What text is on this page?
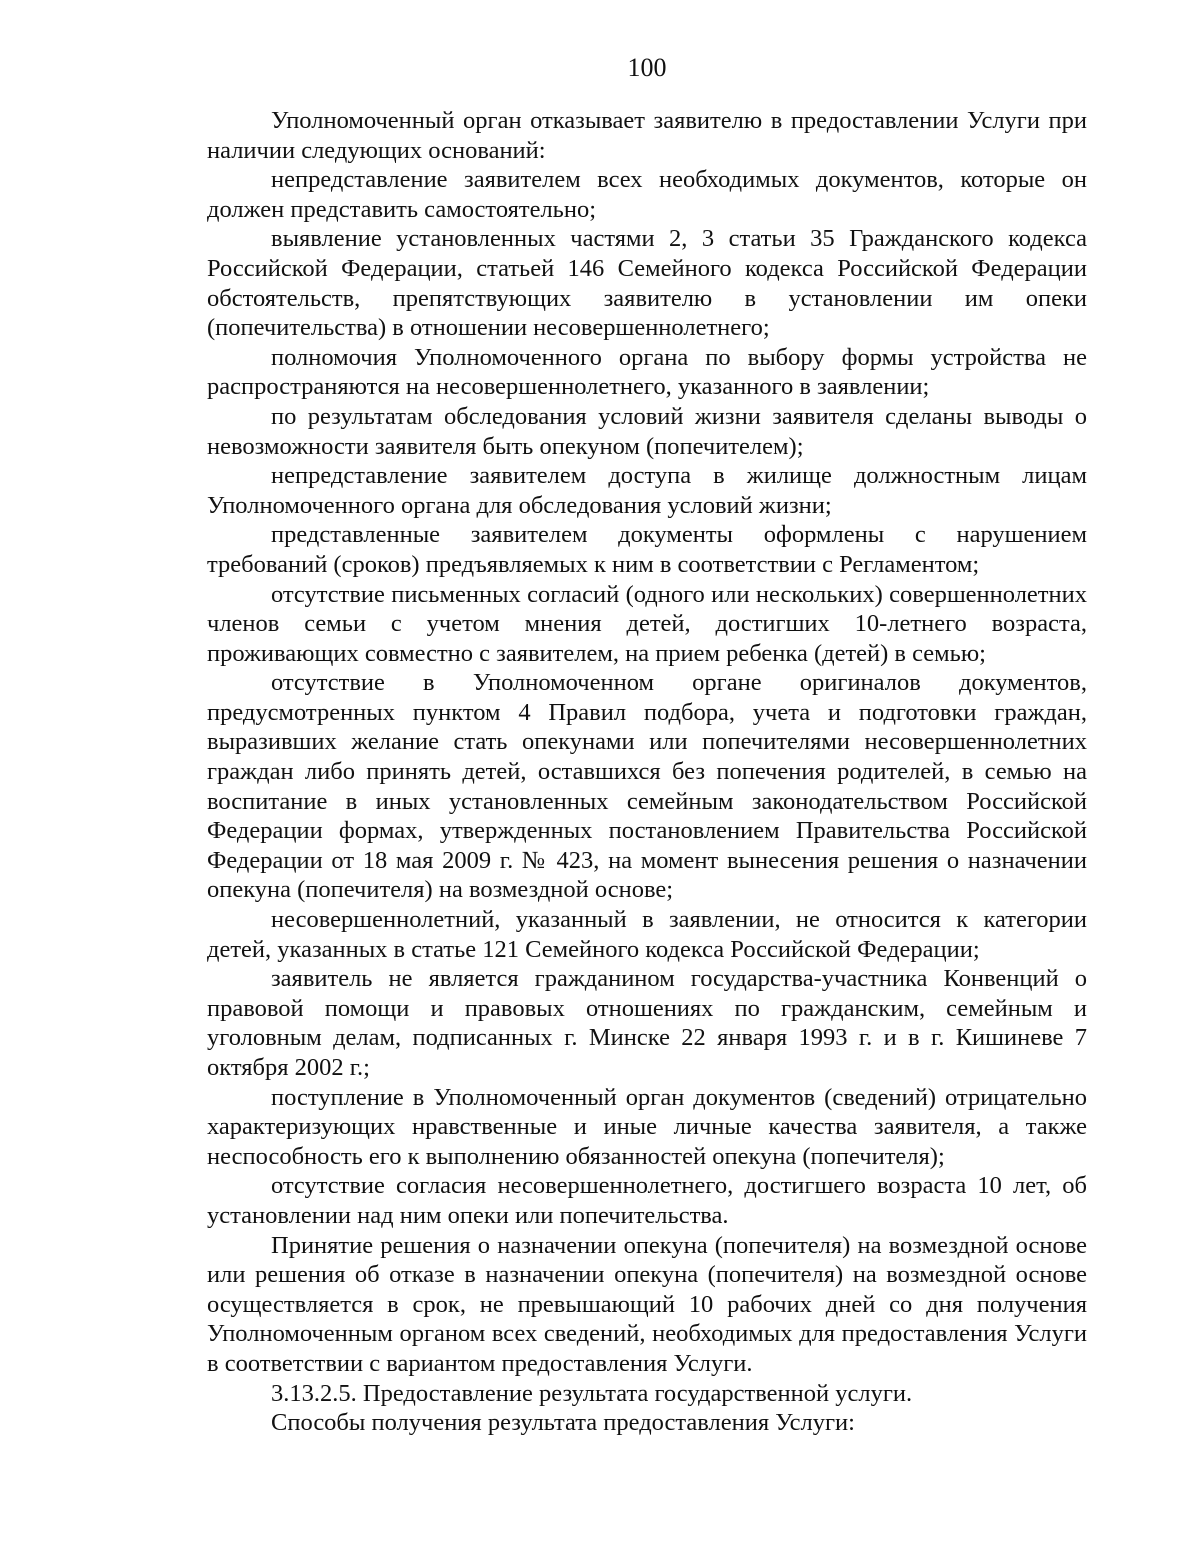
100

Уполномоченный орган отказывает заявителю в предоставлении Услуги при наличии следующих оснований:

непредставление заявителем всех необходимых документов, которые он должен представить самостоятельно;

выявление установленных частями 2, 3 статьи 35 Гражданского кодекса Российской Федерации, статьей 146 Семейного кодекса Российской Федерации обстоятельств, препятствующих заявителю в установлении им опеки (попечительства) в отношении несовершеннолетнего;

полномочия Уполномоченного органа по выбору формы устройства не распространяются на несовершеннолетнего, указанного в заявлении;

по результатам обследования условий жизни заявителя сделаны выводы о невозможности заявителя быть опекуном (попечителем);

непредставление заявителем доступа в жилище должностным лицам Уполномоченного органа для обследования условий жизни;

представленные заявителем документы оформлены с нарушением требований (сроков) предъявляемых к ним в соответствии с Регламентом;

отсутствие письменных согласий (одного или нескольких) совершеннолетних членов семьи с учетом мнения детей, достигших 10-летнего возраста, проживающих совместно с заявителем, на прием ребенка (детей) в семью;

отсутствие в Уполномоченном органе оригиналов документов, предусмотренных пунктом 4 Правил подбора, учета и подготовки граждан, выразивших желание стать опекунами или попечителями несовершеннолетних граждан либо принять детей, оставшихся без попечения родителей, в семью на воспитание в иных установленных семейным законодательством Российской Федерации формах, утвержденных постановлением Правительства Российской Федерации от 18 мая 2009 г. № 423, на момент вынесения решения о назначении опекуна (попечителя) на возмездной основе;

несовершеннолетний, указанный в заявлении, не относится к категории детей, указанных в статье 121 Семейного кодекса Российской Федерации;

заявитель не является гражданином государства-участника Конвенций о правовой помощи и правовых отношениях по гражданским, семейным и уголовным делам, подписанных г. Минске 22 января 1993 г. и в г. Кишиневе 7 октября 2002 г.;

поступление в Уполномоченный орган документов (сведений) отрицательно характеризующих нравственные и иные личные качества заявителя, а также неспособность его к выполнению обязанностей опекуна (попечителя);

отсутствие согласия несовершеннолетнего, достигшего возраста 10 лет, об установлении над ним опеки или попечительства.

Принятие решения о назначении опекуна (попечителя) на возмездной основе или решения об отказе в назначении опекуна (попечителя) на возмездной основе осуществляется в срок, не превышающий 10 рабочих дней со дня получения Уполномоченным органом всех сведений, необходимых для предоставления Услуги в соответствии с вариантом предоставления Услуги.

3.13.2.5. Предоставление результата государственной услуги.

Способы получения результата предоставления Услуги:
